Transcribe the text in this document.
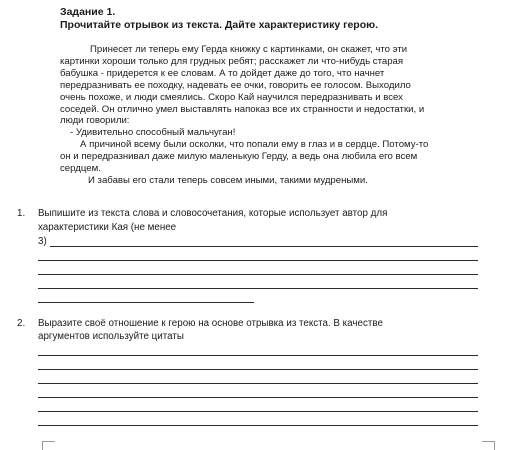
Задание 1.
Прочитайте отрывок из текста. Дайте характеристику герою.

Принесет ли теперь ему Герда книжку с картинками, он скажет, что эти

картинки хороши только для грудных ребят; расскажет ли что-нибудь старая

бабушка - придерется к ее словам. А то дойдет даже до того, что начнет

передразнивать ее походку, надевать ее очки, говорить ее голосом. Выходило

очень похоже, и люди смеялись. Скоро Кай научился передразнивать и всех

соседей. Он отлично умел выставлять напоказ все их странности и недостатки, и

люди говорили:

- Удивительно способный мальчуган!

А причиной всему были осколки, что попали ему в глаз и в сердце. Потому-то

он и передразнивал даже милую маленькую Герду, а ведь она любила его всем

сердцем.

И забавы его стали теперь совсем иными, такими мудреными.

1. Выпишите из текста слова и словосочетания, которые использует автор для
характеристики Кая (не менее
3)
2. Выразите своё отношение к герою на основе отрывка из текста. В качестве
аргументов используйте цитаты
